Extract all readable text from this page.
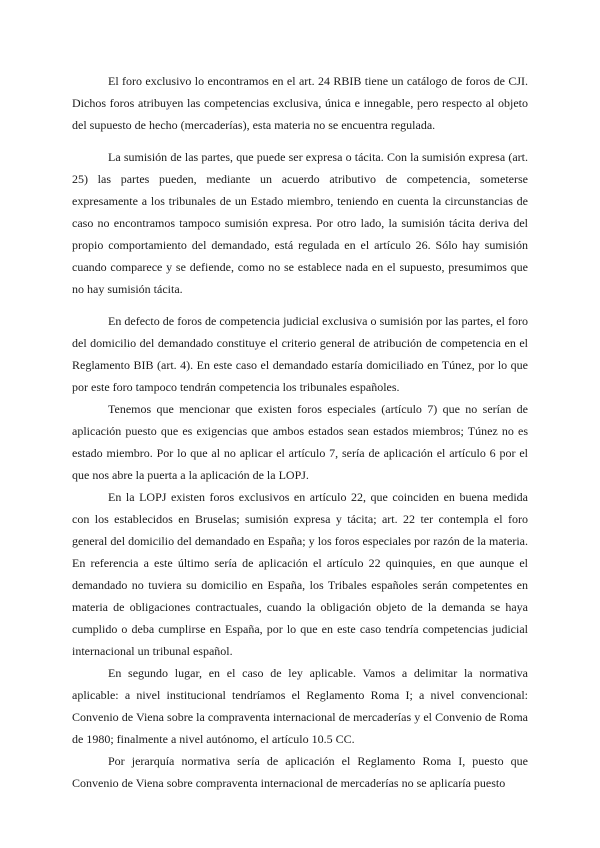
El foro exclusivo lo encontramos en el art. 24 RBIB tiene un catálogo de foros de CJI. Dichos foros atribuyen las competencias exclusiva, única e innegable, pero respecto al objeto del supuesto de hecho (mercaderías), esta materia no se encuentra regulada.

La sumisión de las partes, que puede ser expresa o tácita. Con la sumisión expresa (art. 25) las partes pueden, mediante un acuerdo atributivo de competencia, someterse expresamente a los tribunales de un Estado miembro, teniendo en cuenta la circunstancias de caso no encontramos tampoco sumisión expresa. Por otro lado, la sumisión tácita deriva del propio comportamiento del demandado, está regulada en el artículo 26. Sólo hay sumisión cuando comparece y se defiende, como no se establece nada en el supuesto, presumimos que no hay sumisión tácita.

En defecto de foros de competencia judicial exclusiva o sumisión por las partes, el foro del domicilio del demandado constituye el criterio general de atribución de competencia en el Reglamento BIB (art. 4). En este caso el demandado estaría domiciliado en Túnez, por lo que por este foro tampoco tendrán competencia los tribunales españoles.

Tenemos que mencionar que existen foros especiales (artículo 7) que no serían de aplicación puesto que es exigencias que ambos estados sean estados miembros; Túnez no es estado miembro. Por lo que al no aplicar el artículo 7, sería de aplicación el artículo 6 por el que nos abre la puerta a la aplicación de la LOPJ.

En la LOPJ existen foros exclusivos en artículo 22, que coinciden en buena medida con los establecidos en Bruselas; sumisión expresa y tácita; art. 22 ter contempla el foro general del domicilio del demandado en España; y los foros especiales por razón de la materia. En referencia a este último sería de aplicación el artículo 22 quinquies, en que aunque el demandado no tuviera su domicilio en España, los Tribales españoles serán competentes en materia de obligaciones contractuales, cuando la obligación objeto de la demanda se haya cumplido o deba cumplirse en España, por lo que en este caso tendría competencias judicial internacional un tribunal español.

En segundo lugar, en el caso de ley aplicable. Vamos a delimitar la normativa aplicable: a nivel institucional tendríamos el Reglamento Roma I; a nivel convencional: Convenio de Viena sobre la compraventa internacional de mercaderías y el Convenio de Roma de 1980; finalmente a nivel autónomo, el artículo 10.5 CC.

Por jerarquía normativa sería de aplicación el Reglamento Roma I, puesto que Convenio de Viena sobre compraventa internacional de mercaderías no se aplicaría puesto
